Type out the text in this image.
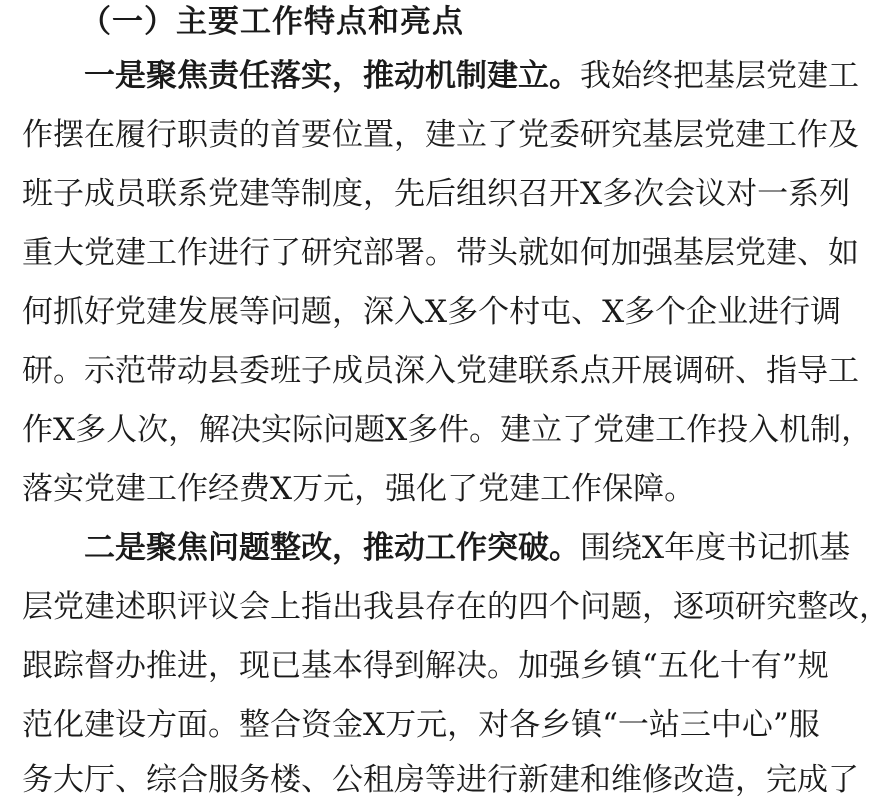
（一）主要工作特点和亮点
一是聚焦责任落实，推动机制建立。我始终把基层党建工
作摆在履行职责的首要位置，建立了党委研究基层党建工作及
班子成员联系党建等制度，先后组织召开X多次会议对一系列
重大党建工作进行了研究部署。带头就如何加强基层党建、如
何抓好党建发展等问题，深入X多个村屯、X多个企业进行调
研。示范带动县委班子成员深入党建联系点开展调研、指导工
作X多人次，解决实际问题X多件。建立了党建工作投入机制，
落实党建工作经费X万元，强化了党建工作保障。
二是聚焦问题整改，推动工作突破。围绕X年度书记抓基
层党建述职评议会上指出我县存在的四个问题，逐项研究整改，
跟踪督办推进，现已基本得到解决。加强乡镇“五化十有”规
范化建设方面。整合资金X万元，对各乡镇“一站三中心”服
务大厅、综合服务楼、公租房等进行新建和维修改造，完成了
